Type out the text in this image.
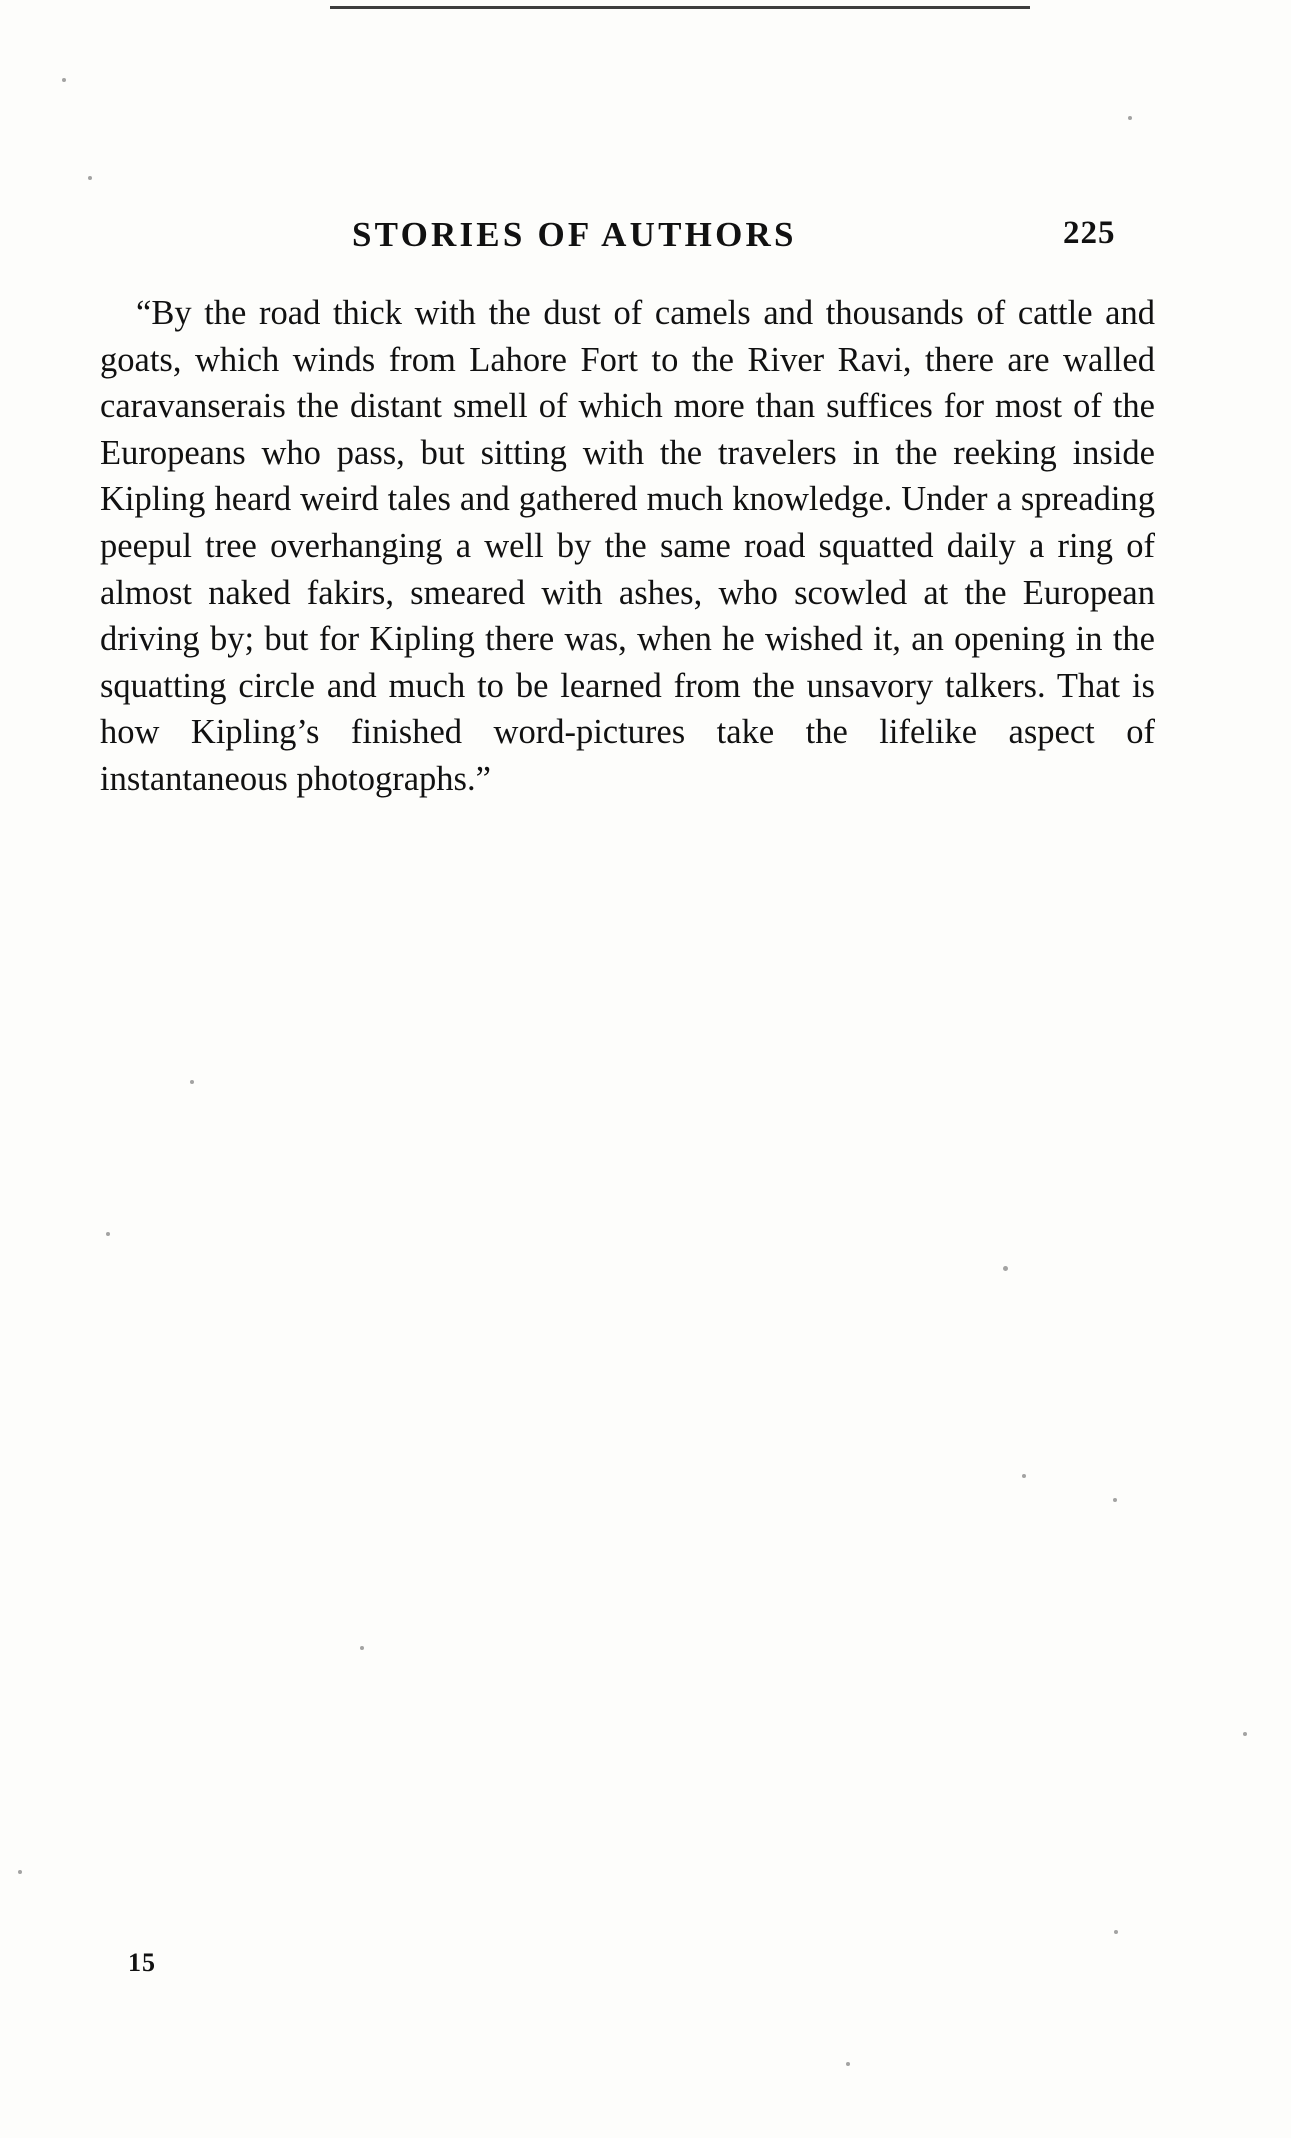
STORIES OF AUTHORS	225

“By the road thick with the dust of camels and thousands of cattle and goats, which winds from Lahore Fort to the River Ravi, there are walled caravanserais the distant smell of which more than suffices for most of the Europeans who pass, but sitting with the travelers in the reeking inside Kipling heard weird tales and gathered much knowledge. Under a spreading peepul tree overhanging a well by the same road squatted daily a ring of almost naked fakirs, smeared with ashes, who scowled at the European driving by; but for Kipling there was, when he wished it, an opening in the squatting circle and much to be learned from the unsavory talkers. That is how Kipling’s finished word-pictures take the lifelike aspect of instantaneous photographs.”

15
